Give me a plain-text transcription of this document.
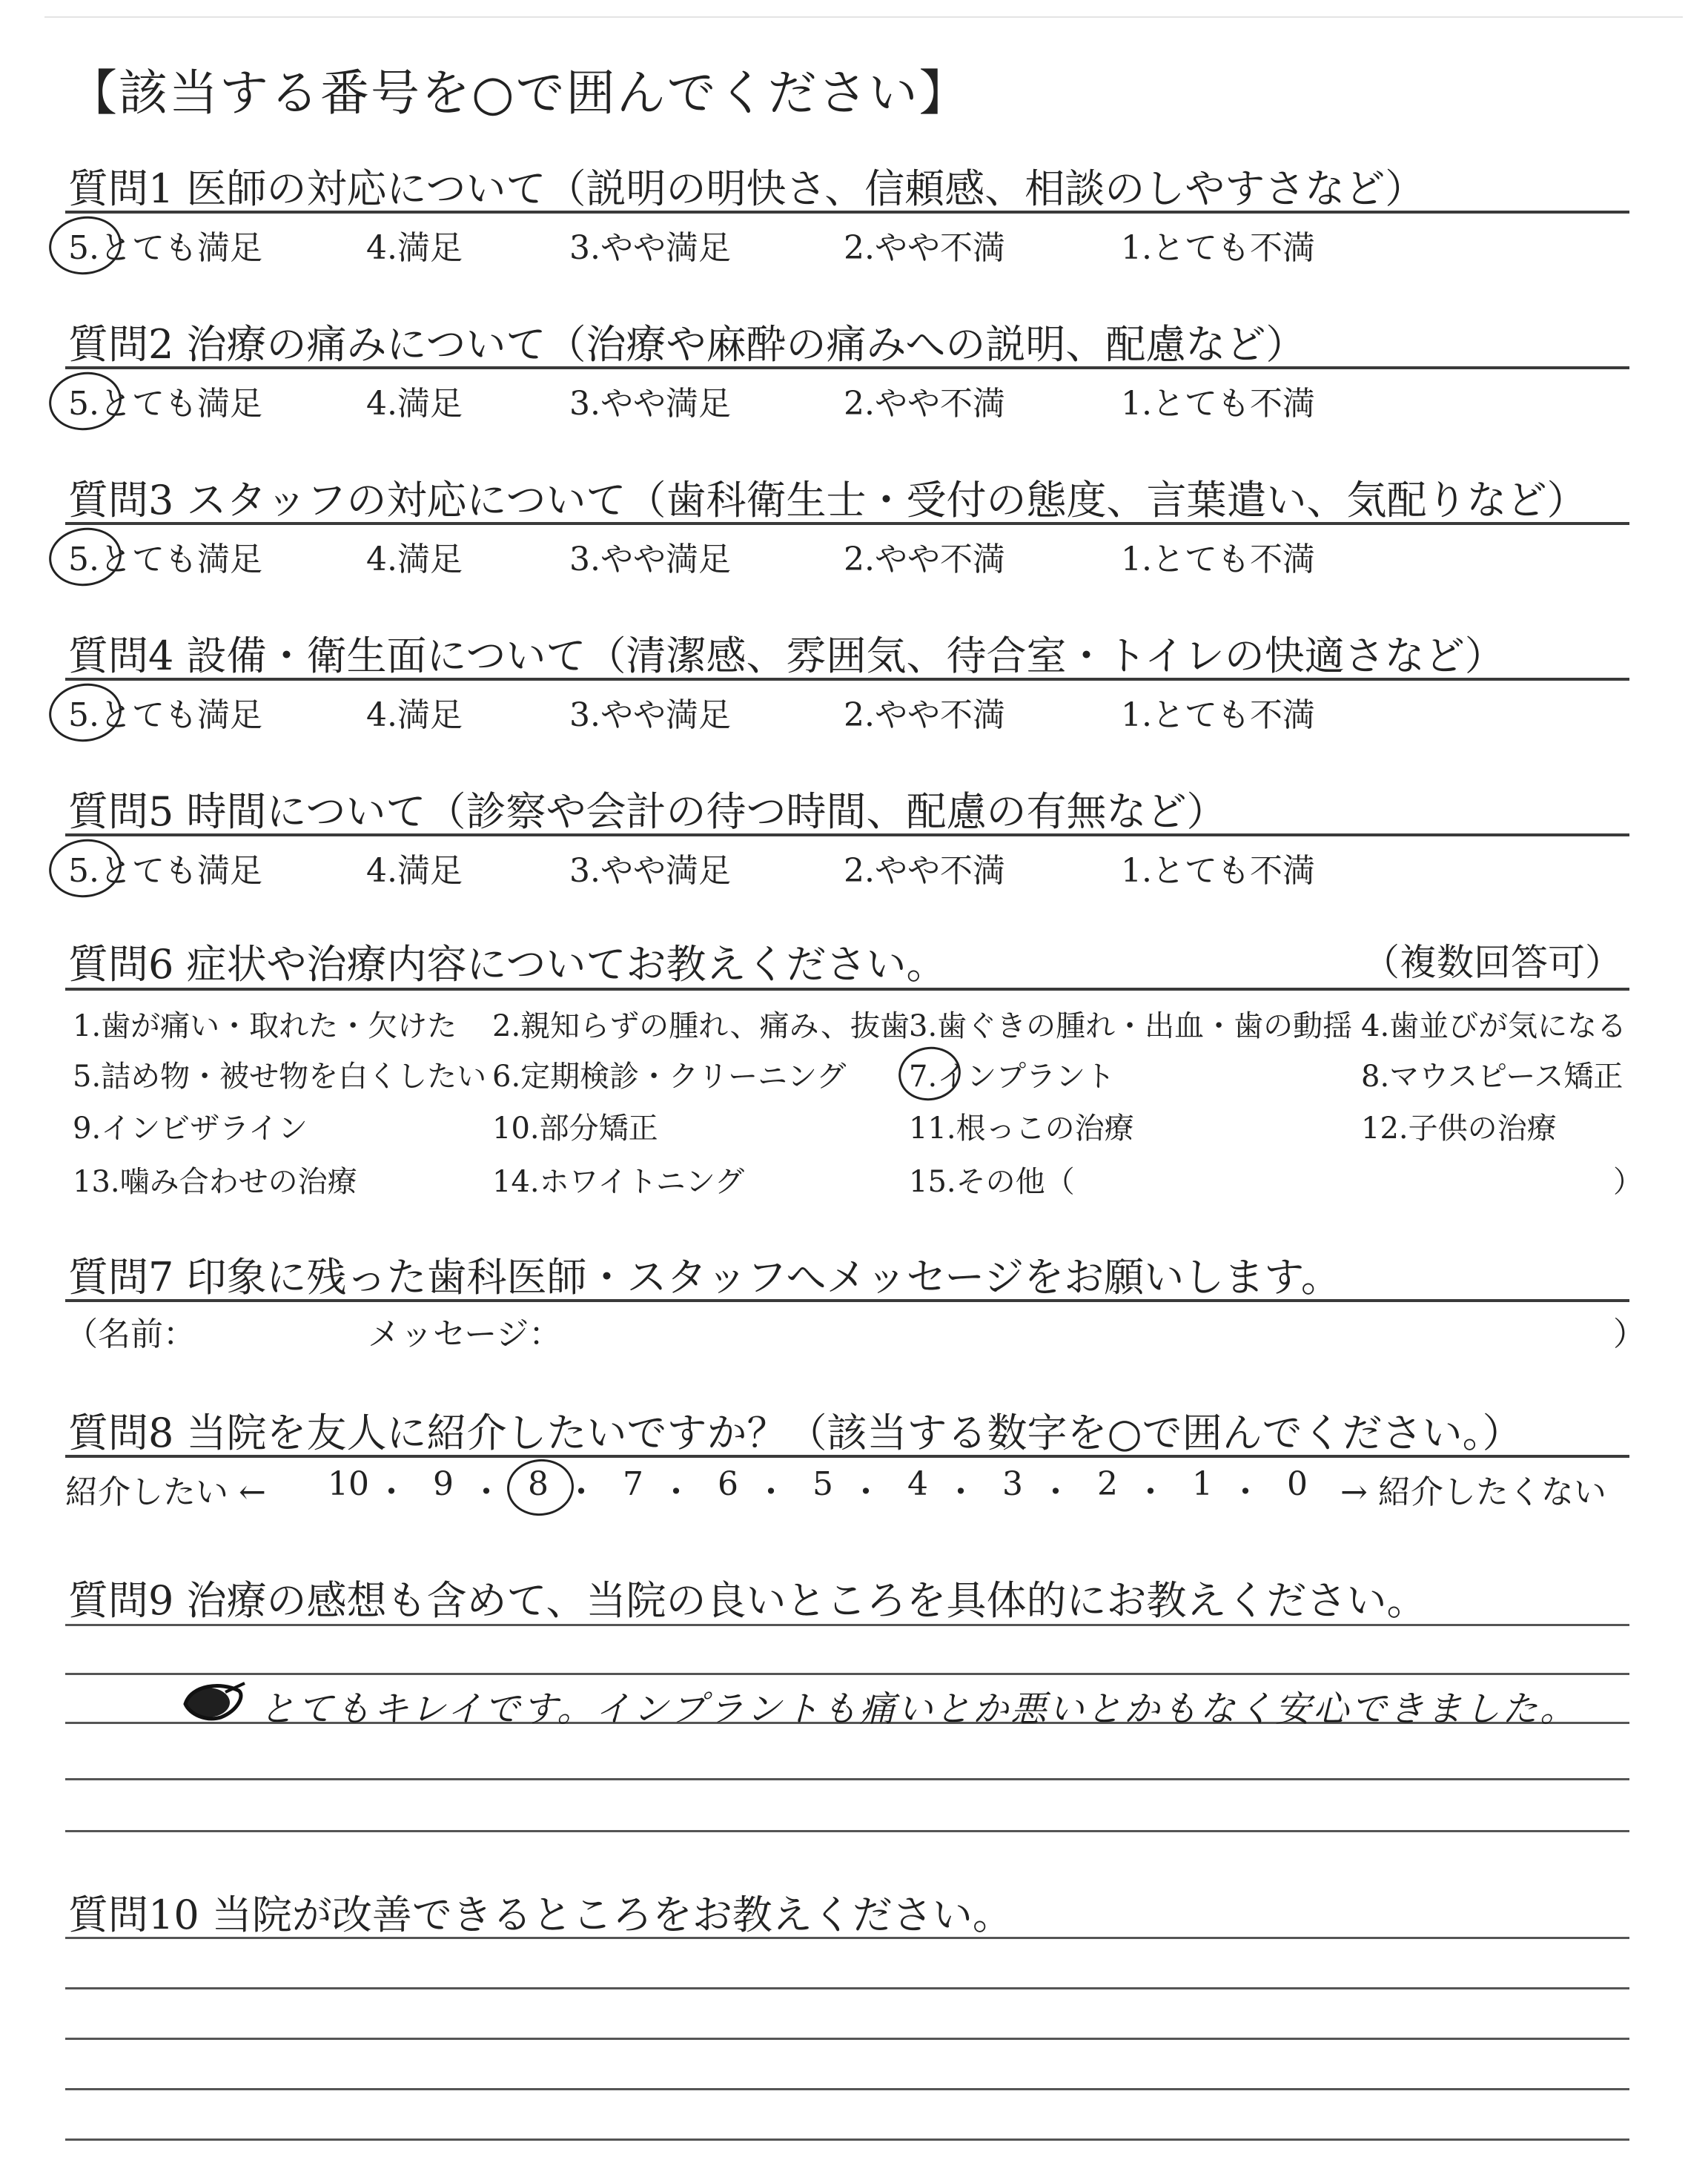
【該当する番号を○で囲んでください】
質問1 医師の対応について（説明の明快さ、信頼感、相談のしやすさなど）
5.とても満足	4.満足	3.やや満足	2.やや不満	1.とても不満
質問2 治療の痛みについて（治療や麻酔の痛みへの説明、配慮など）
5.とても満足	4.満足	3.やや満足	2.やや不満	1.とても不満
質問3 スタッフの対応について（歯科衛生士・受付の態度、言葉遣い、気配りなど）
5.とても満足	4.満足	3.やや満足	2.やや不満	1.とても不満
質問4 設備・衛生面について（清潔感、雰囲気、待合室・トイレの快適さなど）
5.とても満足	4.満足	3.やや満足	2.やや不満	1.とても不満
質問5 時間について（診察や会計の待つ時間、配慮の有無など）
5.とても満足	4.満足	3.やや満足	2.やや不満	1.とても不満
質問6 症状や治療内容についてお教えください。	（複数回答可）
1.歯が痛い・取れた・欠けた 2.親知らずの腫れ、痛み、抜歯 3.歯ぐきの腫れ・出血・歯の動揺 4.歯並びが気になる
5.詰め物・被せ物を白くしたい 6.定期検診・クリーニング 7.インプラント	8.マウスピース矯正
9.インビザライン	10.部分矯正	11.根っこの治療	12.子供の治療
13.噛み合わせの治療	14.ホワイトニング	15.その他（	）
質問7 印象に残った歯科医師・スタッフへメッセージをお願いします。
（名前：	メッセージ：	）
質問8 当院を友人に紹介したいですか？（該当する数字を○で囲んでください。）
紹介したい ← 10 ・ 9 ・ 8 ・ 7 ・ 6 ・ 5 ・ 4 ・ 3 ・ 2 ・ 1 ・ 0	→ 紹介したくない
質問9 治療の感想も含めて、当院の良いところを具体的にお教えください。
とてもキレイです。インプラントも痛いとか悪いとかもなく安心できました。
質問10 当院が改善できるところをお教えください。
